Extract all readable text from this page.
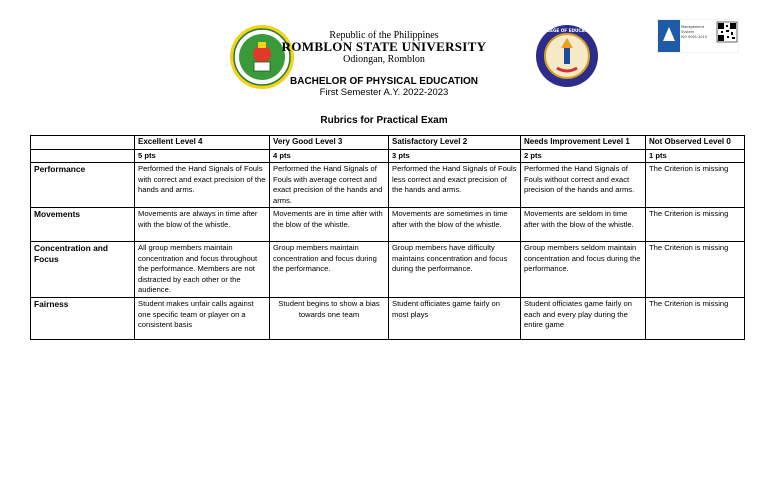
COLLEGE OF EDUCATION
Management
System
ISO 9001:2015
Republic of the Philippines
ROMBLON STATE UNIVERSITY
Odiongan, Romblon
BACHELOR OF PHYSICAL EDUCATION
First Semester A.Y. 2022-2023
Rubrics for Practical Exam
	Excellent Level 4	Very Good Level 3	Satisfactory Level 2	Needs Improvement Level 1	Not Observed Level 0
	5 pts	4 pts	3 pts	2 pts	1 pts
Performance	Performed the Hand Signals of Fouls with correct and exact precision of the hands and arms.	Performed the Hand Signals of Fouls with average correct and exact precision of the hands and arms.	Performed the Hand Signals of Fouls less correct and exact precision of the hands and arms.	Performed the Hand Signals of Fouls without correct and exact precision of the hands and arms.	The Criterion is missing
Movements	Movements are always in time after with the blow of the whistle.	Movements are in time after with the blow of the whistle.	Movements are sometimes in time after with the blow of the whistle.	Movements are seldom in time after with the blow of the whistle.	The Criterion is missing
Concentration and Focus	All group members maintain concentration and focus throughout the performance. Members are not distracted by each other or the audience.	Group members maintain concentration and focus during the performance.	Group members have difficulty maintains concentration and focus during the performance.	Group members seldom maintain concentration and focus during the performance.	The Criterion is missing
Fairness	Student makes unfair calls against one specific team or player on a consistent basis	Student begins to show a bias towards one team	Student officiates game fairly on most plays	Student officiates game fairly on each and every play during the entire game	The Criterion is missing
